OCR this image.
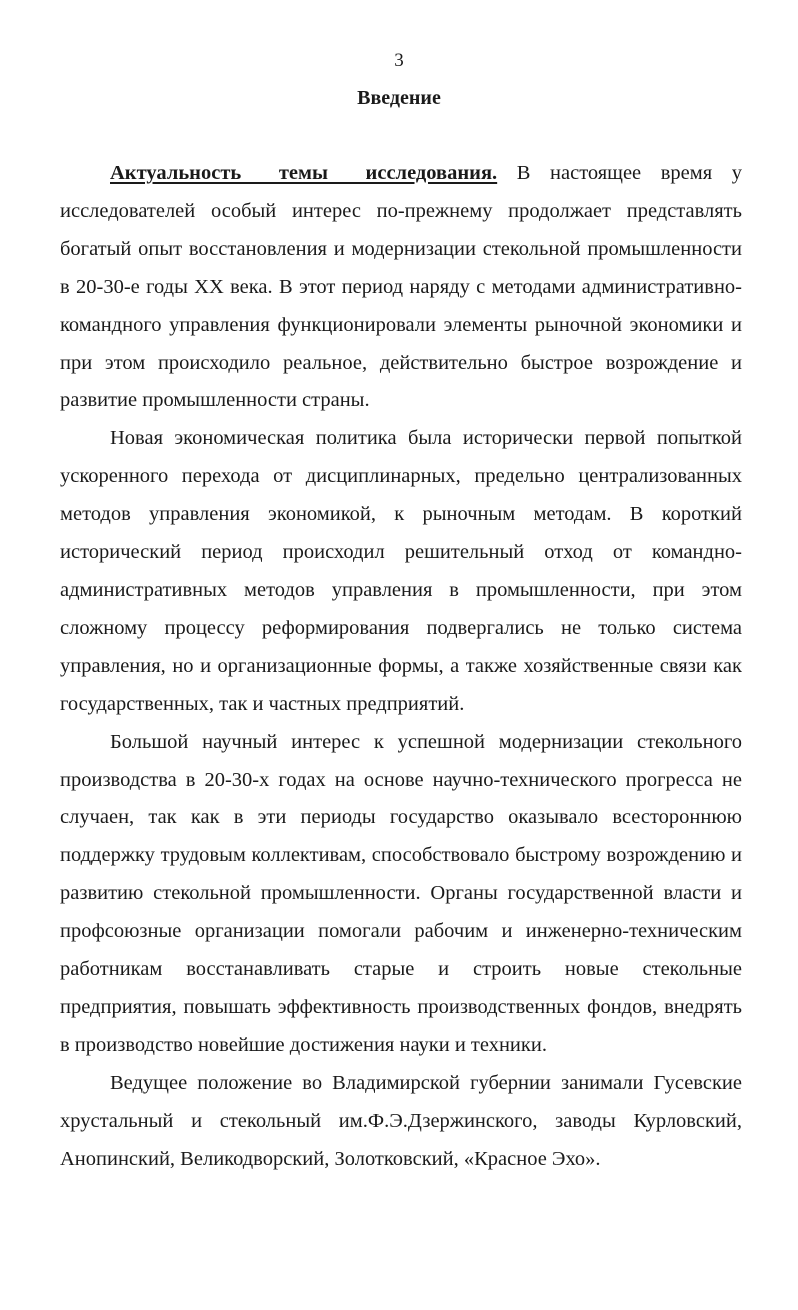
3
Введение

Актуальность темы исследования. В настоящее время у исследователей особый интерес по-прежнему продолжает представлять богатый опыт восстановления и модернизации стекольной промышленности в 20-30-е годы XX века. В этот период наряду с методами административно-командного управления функционировали элементы рыночной экономики и при этом происходило реальное, действительно быстрое возрождение и развитие промышленности страны.

Новая экономическая политика была исторически первой попыткой ускоренного перехода от дисциплинарных, предельно централизованных методов управления экономикой, к рыночным методам. В короткий исторический период происходил решительный отход от командно-административных методов управления в промышленности, при этом сложному процессу реформирования подвергались не только система управления, но и организационные формы, а также хозяйственные связи как государственных, так и частных предприятий.

Большой научный интерес к успешной модернизации стекольного производства в 20-30-х годах на основе научно-технического прогресса не случаен, так как в эти периоды государство оказывало всестороннюю поддержку трудовым коллективам, способствовало быстрому возрождению и развитию стекольной промышленности. Органы государственной власти и профсоюзные организации помогали рабочим и инженерно-техническим работникам восстанавливать старые и строить новые стекольные предприятия, повышать эффективность производственных фондов, внедрять в производство новейшие достижения науки и техники.

Ведущее положение во Владимирской губернии занимали Гусевские хрустальный и стекольный им.Ф.Э.Дзержинского, заводы Курловский, Анопинский, Великодворский, Золотковский, «Красное Эхо».
